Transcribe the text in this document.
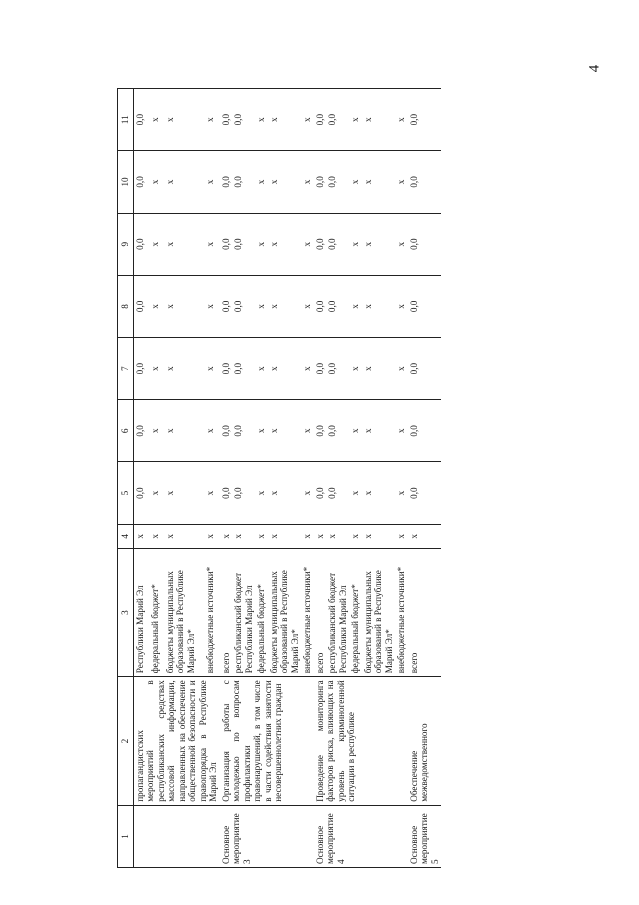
4
1	2	3	4	5	6	7	8	9	10	11
	пропагандистских мероприятий в республиканских средствах массовой информации, направленных на обеспечение общественной безопасности и правопорядка в Республике Марий Эл	Республики Марий Эл	х	0,0	0,0	0,0	0,0	0,0	0,0	0,0
		федеральный бюджет*	х	х	х	х	х	х	х	х
		бюджеты муниципальных образований в Республике Марий Эл*	х	х	х	х	х	х	х	х
		внебюджетные источники*	х	х	х	х	х	х	х	х
Основное мероприятие 3	Организация работы с молодежью по вопросам профилактики правонарушений, в том числе в части содействия занятости несовершеннолетних граждан	всего	х	0,0	0,0	0,0	0,0	0,0	0,0	0,0
		республиканский бюджет Республики Марий Эл	х	0,0	0,0	0,0	0,0	0,0	0,0	0,0
		федеральный бюджет*	х	х	х	х	х	х	х	х
		бюджеты муниципальных образований в Республике Марий Эл*	х	х	х	х	х	х	х	х
		внебюджетные источники*	х	х	х	х	х	х	х	х
Основное мероприятие 4	Проведение мониторинга факторов риска, влияющих на уровень криминогенной ситуации в республике	всего	х	0,0	0,0	0,0	0,0	0,0	0,0	0,0
		республиканский бюджет Республики Марий Эл	х	0,0	0,0	0,0	0,0	0,0	0,0	0,0
		федеральный бюджет*	х	х	х	х	х	х	х	х
		бюджеты муниципальных образований в Республике Марий Эл*	х	х	х	х	х	х	х	х
		внебюджетные источники*	х	х	х	х	х	х	х	х
Основное мероприятие 5	Обеспечение межведомственного	всего	х	0,0	0,0	0,0	0,0	0,0	0,0	0,0
